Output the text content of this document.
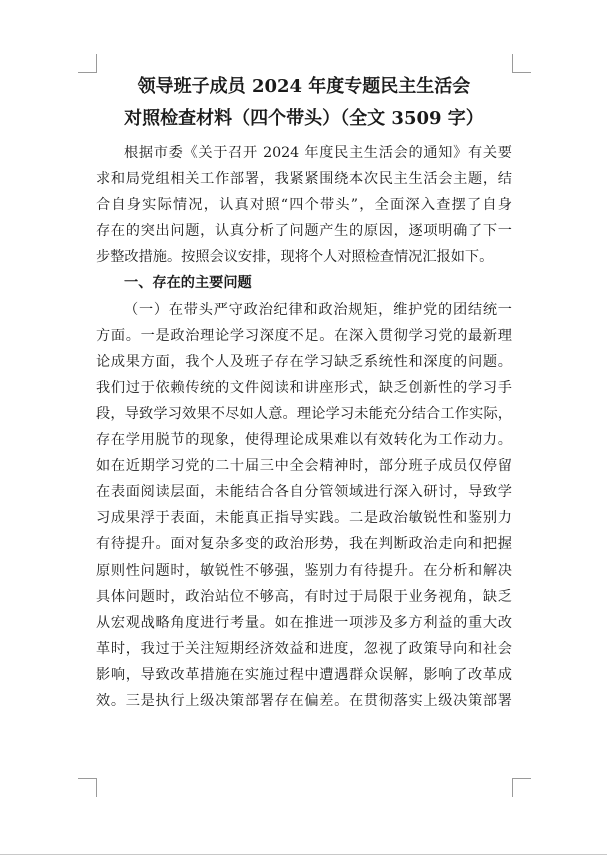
领导班子成员 2024 年度专题民主生活会
对照检查材料（四个带头）（全文 3509 字）
根据市委《关于召开 2024 年度民主生活会的通知》有关要
求和局党组相关工作部署，我紧紧围绕本次民主生活会主题，结
合自身实际情况，认真对照“四个带头”，全面深入查摆了自身
存在的突出问题，认真分析了问题产生的原因，逐项明确了下一
步整改措施。按照会议安排，现将个人对照检查情况汇报如下。
一、存在的主要问题
（一）在带头严守政治纪律和政治规矩，维护党的团结统一
方面。一是政治理论学习深度不足。在深入贯彻学习党的最新理
论成果方面，我个人及班子存在学习缺乏系统性和深度的问题。
我们过于依赖传统的文件阅读和讲座形式，缺乏创新性的学习手
段，导致学习效果不尽如人意。理论学习未能充分结合工作实际，
存在学用脱节的现象，使得理论成果难以有效转化为工作动力。
如在近期学习党的二十届三中全会精神时，部分班子成员仅停留
在表面阅读层面，未能结合各自分管领域进行深入研讨，导致学
习成果浮于表面，未能真正指导实践。二是政治敏锐性和鉴别力
有待提升。面对复杂多变的政治形势，我在判断政治走向和把握
原则性问题时，敏锐性不够强，鉴别力有待提升。在分析和解决
具体问题时，政治站位不够高，有时过于局限于业务视角，缺乏
从宏观战略角度进行考量。如在推进一项涉及多方利益的重大改
革时，我过于关注短期经济效益和进度，忽视了政策导向和社会
影响，导致改革措施在实施过程中遭遇群众误解，影响了改革成
效。三是执行上级决策部署存在偏差。在贯彻落实上级决策部署
